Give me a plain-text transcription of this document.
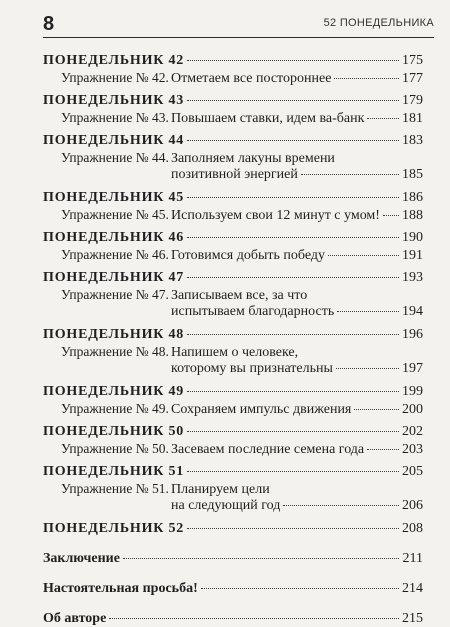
8	52 ПОНЕДЕЛЬНИКА
ПОНЕДЕЛЬНИК 42	175
Упражнение № 42. Отметаем все постороннее	177
ПОНЕДЕЛЬНИК 43	179
Упражнение № 43. Повышаем ставки, идем ва-банк	181
ПОНЕДЕЛЬНИК 44	183
Упражнение № 44. Заполняем лакуны времени
позитивной энергией	185
ПОНЕДЕЛЬНИК 45	186
Упражнение № 45. Используем свои 12 минут с умом! 188
ПОНЕДЕЛЬНИК 46	190
Упражнение № 46. Готовимся добыть победу	191
ПОНЕДЕЛЬНИК 47	193
Упражнение № 47. Записываем все, за что
испытываем благодарность	194
ПОНЕДЕЛЬНИК 48	196
Упражнение № 48. Напишем о человеке,
которому вы признательны	197
ПОНЕДЕЛЬНИК 49	199
Упражнение № 49. Сохраняем импульс движения	200
ПОНЕДЕЛЬНИК 50	202
Упражнение № 50. Засеваем последние семена года	203
ПОНЕДЕЛЬНИК 51	205
Упражнение № 51. Планируем цели
на следующий год	206
ПОНЕДЕЛЬНИК 52	208
Заключение	211
Настоятельная просьба!	214
Об авторе	215
